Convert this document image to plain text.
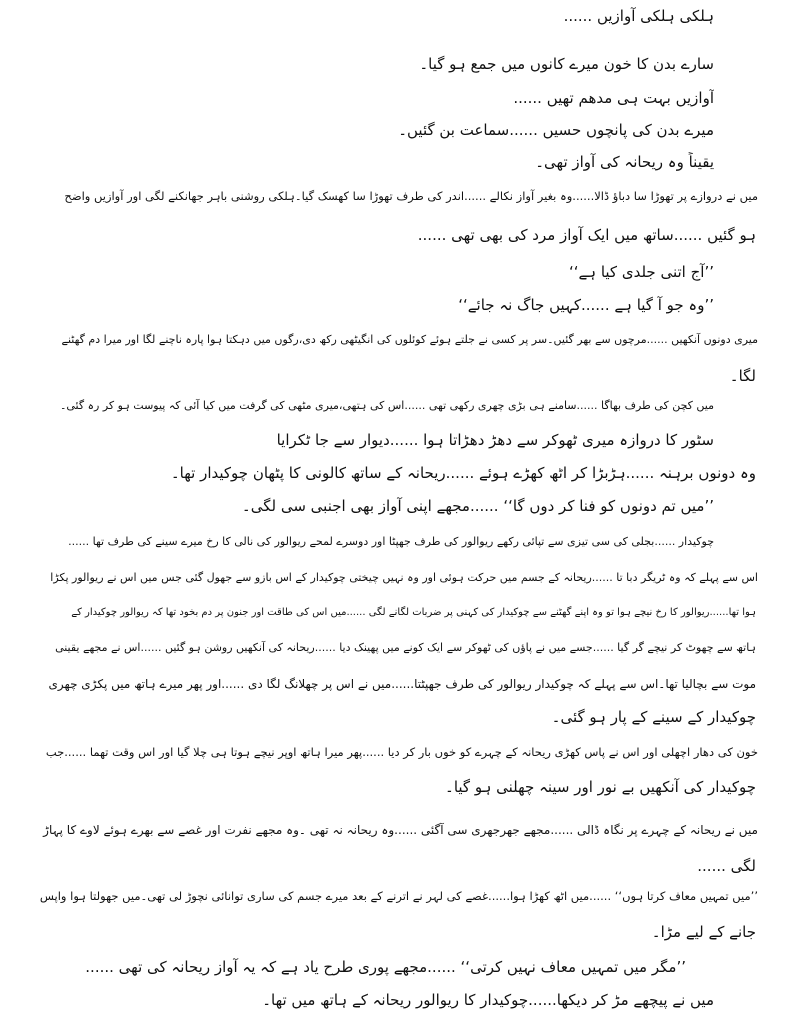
ہلکی ہلکی آوازیں ......
سارے بدن کا خون میرے کانوں میں جمع ہو گیا۔
آوازیں بہت ہی مدھم تھیں ......
میرے بدن کی پانچوں حسیں ......سماعت بن گئیں۔
یقیناً وہ ریحانہ کی آواز تھی۔
میں نے دروازے پر تھوڑا سا دباؤ ڈالا......وہ بغیر آواز نکالے ......اندر کی طرف تھوڑا سا کھسک گیا۔ہلکی روشنی باہر جھانکنے لگی اور آوازیں واضح
ہو گئیں ......ساتھ میں ایک آواز مرد کی بھی تھی ......
’’آج اتنی جلدی کیا ہے‘‘
’’وہ جو آ گیا ہے ......کہیں جاگ نہ جائے‘‘
میری دونوں آنکھیں ......مرچوں سے بھر گئیں۔سر پر کسی نے جلتے ہوئے کوئلوں کی انگیٹھی رکھ دی،رگوں میں دہکتا ہوا پارہ ناچنے لگا اور میرا دم گھٹنے
لگا۔
میں کچن کی طرف بھاگا ......سامنے ہی بڑی چھری رکھی تھی ......اس کی ہتھی،میری مٹھی کی گرفت میں کیا آئی کہ پیوست ہو کر رہ گئی۔
سٹور کا دروازہ میری ٹھوکر سے دھڑ دھڑاتا ہوا ......دیوار سے جا ٹکرایا
وہ دونوں برہنہ ......ہڑبڑا کر اٹھ کھڑے ہوئے ......ریحانہ کے ساتھ کالونی کا پٹھان چوکیدار تھا۔
’’میں تم دونوں کو فنا کر دوں گا‘‘ ......مجھے اپنی آواز بھی اجنبی سی لگی۔
چوکیدار ......بجلی کی سی تیزی سے تپائی رکھے ریوالور کی طرف جھپٹا اور دوسرے لمحے ریوالور کی نالی کا رخ میرے سینے کی طرف تھا ......
اس سے پہلے کہ وہ ٹریگر دبا تا ......ریحانہ کے جسم میں حرکت ہوئی اور وہ نہیں چیختی چوکیدار کے اس بازو سے جھول گئی جس میں اس نے ریوالور پکڑا
ہوا تھا......ریوالور کا رخ نیچے ہوا تو وہ اپنے گھٹنے سے چوکیدار کی کہنی پر ضربات لگانے لگی ......میں اس کی طاقت اور جنون پر دم بخود تھا کہ ریوالور چوکیدار کے
ہاتھ سے چھوٹ کر نیچے گر گیا ......جسے میں نے پاؤں کی ٹھوکر سے ایک کونے میں پھینک دیا ......ریحانہ کی آنکھیں روشن ہو گئیں ......اس نے مجھے یقینی
موت سے بچالیا تھا۔اس سے پہلے کہ چوکیدار ریوالور کی طرف جھپٹتا......میں نے اس پر چھلانگ لگا دی ......اور پھر میرے ہاتھ میں پکڑی چھری
چوکیدار کے سینے کے پار ہو گئی۔
خون کی دھار اچھلی اور اس نے پاس کھڑی ریحانہ کے چہرے کو خوں بار کر دیا ......پھر میرا ہاتھ اوپر نیچے ہوتا ہی چلا گیا اور اس وقت تھما ......جب
چوکیدار کی آنکھیں بے نور اور سینہ چھلنی ہو گیا۔
میں نے ریحانہ کے چہرے پر نگاہ ڈالی ......مجھے جھرجھری سی آگئی ......وہ ریحانہ نہ تھی ۔وہ مجھے نفرت اور غصے سے بھرے ہوئے لاوے کا پہاڑ
لگی ......
’’میں تمہیں معاف کرتا ہوں‘‘ ......میں اٹھ کھڑا ہوا......غصے کی لہر نے اترنے کے بعد میرے جسم کی ساری توانائی نچوڑ لی تھی۔میں جھولتا ہوا واپس
جانے کے لیے مڑا۔
’’مگر میں تمہیں معاف نہیں کرتی‘‘ ......مجھے پوری طرح یاد ہے کہ یہ آواز ریحانہ کی تھی ......
میں نے پیچھے مڑ کر دیکھا......چوکیدار کا ریوالور ریحانہ کے ہاتھ میں تھا۔
